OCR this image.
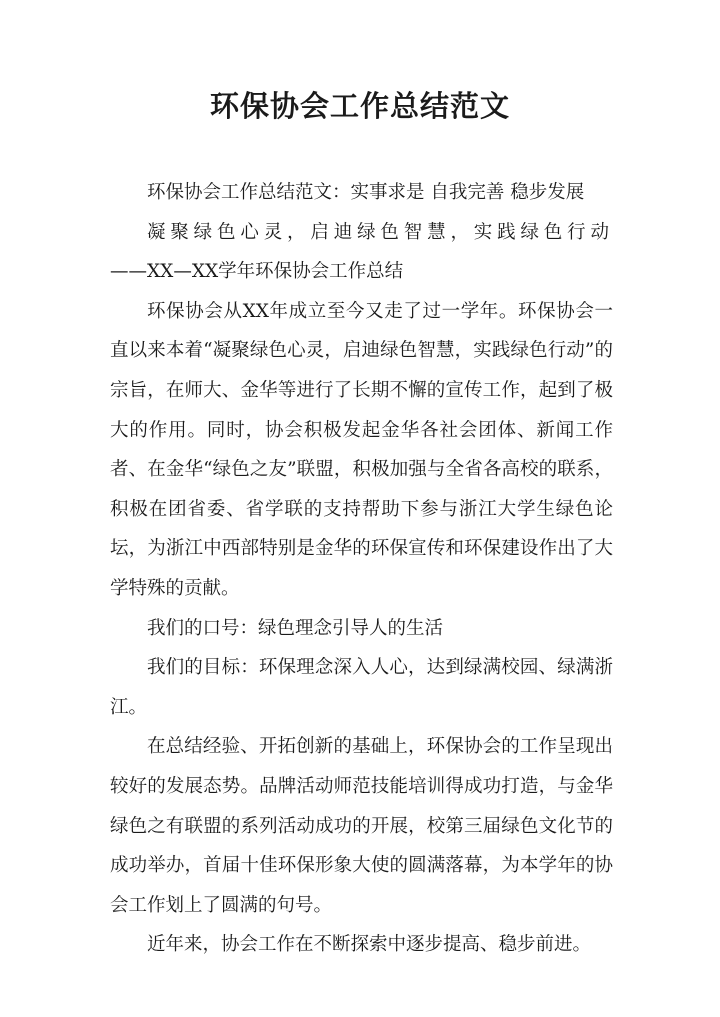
环保协会工作总结范文

环保协会工作总结范文：实事求是 自我完善 稳步发展

凝聚绿色心灵，启迪绿色智慧，实践绿色行动

——XX—XX学年环保协会工作总结

环保协会从XX年成立至今又走了过一学年。环保协会一直以来本着“凝聚绿色心灵，启迪绿色智慧，实践绿色行动”的宗旨，在师大、金华等进行了长期不懈的宣传工作，起到了极大的作用。同时，协会积极发起金华各社会团体、新闻工作者、在金华“绿色之友”联盟，积极加强与全省各高校的联系，积极在团省委、省学联的支持帮助下参与浙江大学生绿色论坛，为浙江中西部特别是金华的环保宣传和环保建设作出了大学特殊的贡献。

我们的口号：绿色理念引导人的生活

我们的目标：环保理念深入人心，达到绿满校园、绿满浙江。

在总结经验、开拓创新的基础上，环保协会的工作呈现出较好的发展态势。品牌活动师范技能培训得成功打造，与金华绿色之有联盟的系列活动成功的开展，校第三届绿色文化节的成功举办，首届十佳环保形象大使的圆满落幕，为本学年的协会工作划上了圆满的句号。

近年来，协会工作在不断探索中逐步提高、稳步前进。
